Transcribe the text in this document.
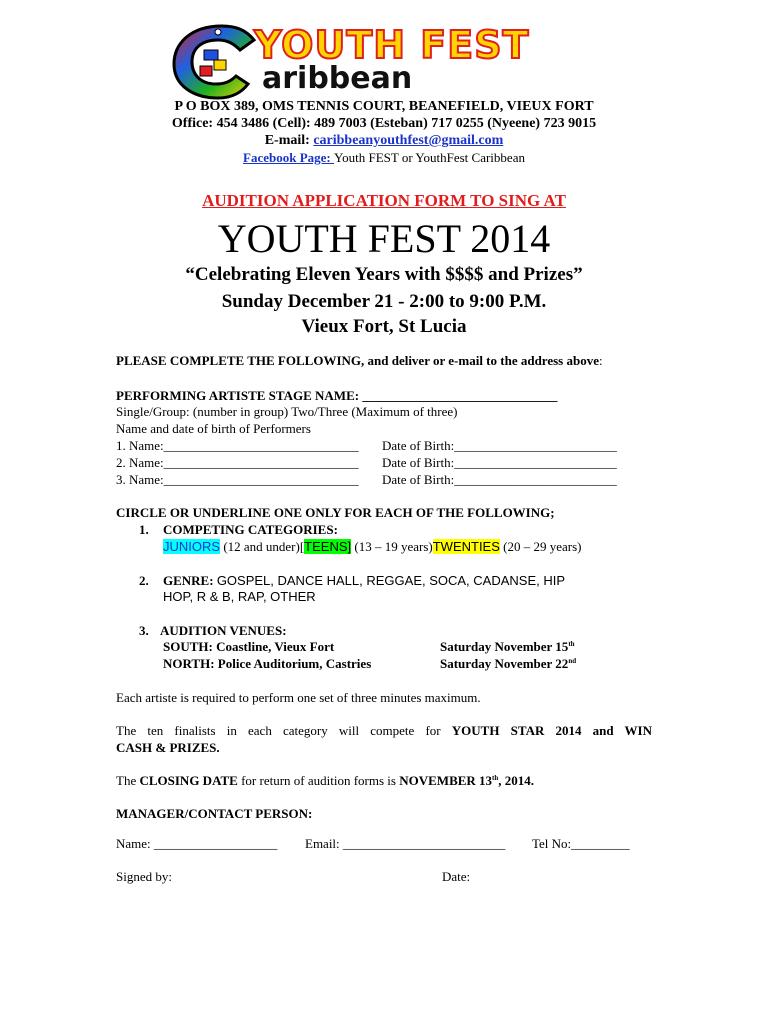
YOUTH FEST
aribbean
P O BOX 389, OMS TENNIS COURT, BEANEFIELD, VIEUX FORT
Office: 454 3486 (Cell): 489 7003 (Esteban) 717 0255 (Nyeene) 723 9015
E-mail: caribbeanyouthfest@gmail.com
Facebook Page: Youth FEST or YouthFest Caribbean
AUDITION APPLICATION FORM TO SING AT
YOUTH FEST 2014
“Celebrating Eleven Years with $$$$ and Prizes”
Sunday December 21 - 2:00 to 9:00 P.M.
Vieux Fort, St Lucia
PLEASE COMPLETE THE FOLLOWING, and deliver or e-mail to the address above:
PERFORMING ARTISTE STAGE NAME: ______________________________
Single/Group: (number in group) Two/Three (Maximum of three)
Name and date of birth of Performers
1. Name:______________________________ Date of Birth:_________________________
2. Name:______________________________ Date of Birth:_________________________
3. Name:______________________________ Date of Birth:_________________________
CIRCLE OR UNDERLINE ONE ONLY FOR EACH OF THE FOLLOWING;
1. COMPETING CATEGORIES:
JUNIORS (12 and under)[TEENS] (13 – 19 years)TWENTIES (20 – 29 years)
2. GENRE: GOSPEL, DANCE HALL, REGGAE, SOCA, CADANSE, HIP
HOP, R & B, RAP, OTHER
3. AUDITION VENUES:
SOUTH: Coastline, Vieux Fort	Saturday November 15th
NORTH: Police Auditorium, Castries	Saturday November 22nd
Each artiste is required to perform one set of three minutes maximum.
The ten finalists in each category will compete for YOUTH STAR 2014 and WIN
CASH & PRIZES.
The CLOSING DATE for return of audition forms is NOVEMBER 13th, 2014.
MANAGER/CONTACT PERSON:
Name: ___________________ Email: _________________________ Tel No:_________
Signed by:	Date:
